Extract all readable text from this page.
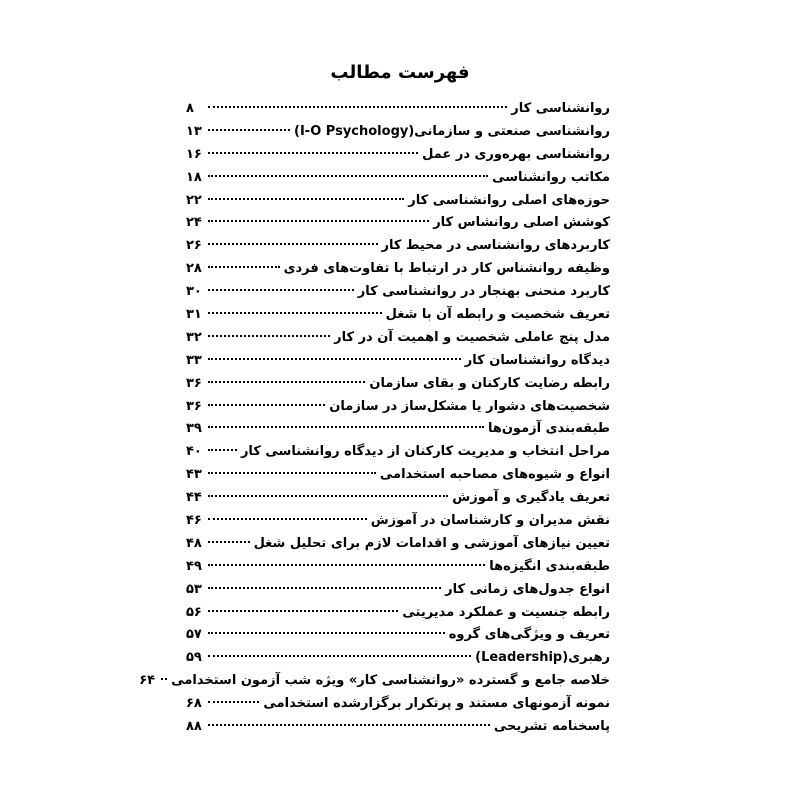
فهرست مطالب
روانشناسی کار
۸
روانشناسی صنعتی و سازمانی(I-O Psychology)
۱۳
روانشناسی بهره‌وری در عمل
۱۶
مکاتب روانشناسی
۱۸
حوزه‌های اصلی روانشناسی کار
۲۲
کوشش اصلی روانشاس کار
۲۴
کاربردهای روانشناسی در محیط کار
۲۶
وظیفه روانشناس کار در ارتباط با تفاوت‌های فردی
۲۸
کاربرد منحنی بهنجار در روانشناسی کار
۳۰
تعریف شخصیت و رابطه آن با شغل
۳۱
مدل پنج عاملی شخصیت و اهمیت آن در کار
۳۲
دیدگاه روانشناسان کار
۳۳
رابطه رضایت کارکنان و بقای سازمان
۳۶
شخصیت‌های دشوار یا مشکل‌ساز در سازمان
۳۶
طبقه‌بندی آزمون‌ها
۳۹
مراحل انتخاب و مدیریت کارکنان از دیدگاه روانشناسی کار
۴۰
انواع و شیوه‌های مصاحبه استخدامی
۴۳
تعریف یادگیری و آموزش
۴۴
نقش مدیران و کارشناسان در آموزش
۴۶
تعیین نیازهای آموزشی و اقدامات لازم برای تحلیل شغل
۴۸
طبقه‌بندی انگیزه‌ها
۴۹
انواع جدول‌های زمانی کار
۵۳
رابطه جنسیت و عملکرد مدیریتی
۵۶
تعریف و ویژگی‌های گروه
۵۷
رهبری(Leadership)
۵۹
خلاصه جامع و گسترده «روانشناسی کار» ویژه شب آزمون استخدامی
۶۴
نمونه آزمونهای مستند و پرتکرار برگزارشده استخدامی
۶۸
پاسخنامه تشریحی
۸۸
